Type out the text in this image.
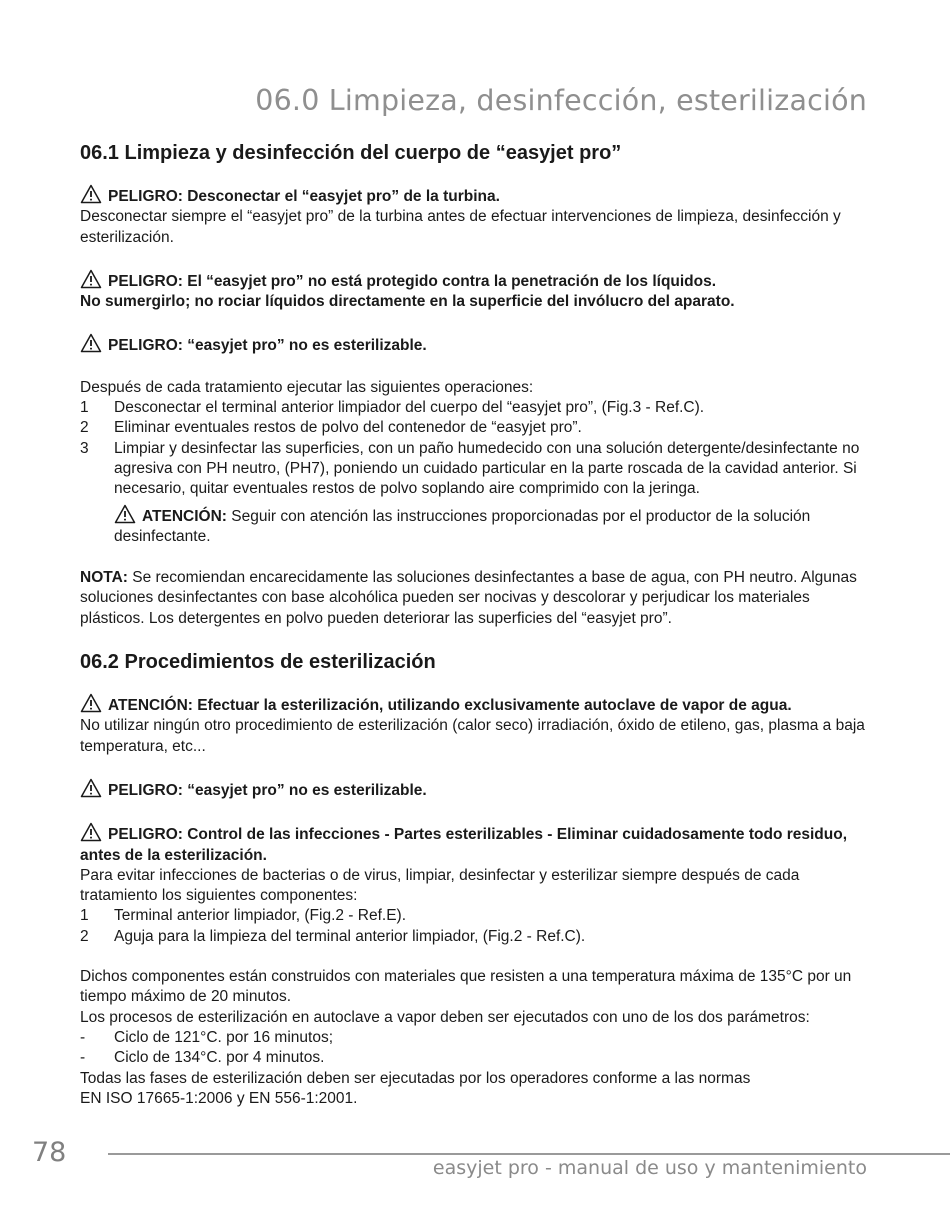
06.0 Limpieza, desinfección, esterilización
06.1 Limpieza y desinfección del cuerpo de “easyjet pro”

PELIGRO: Desconectar el “easyjet pro” de la turbina.

Desconectar siempre el “easyjet pro” de la turbina antes de efectuar intervenciones de limpieza, desinfección y esterilización.

PELIGRO: El “easyjet pro” no está protegido contra la penetración de los líquidos.

No sumergirlo; no rociar líquidos directamente en la superficie del invólucro del aparato.

PELIGRO: “easyjet pro” no es esterilizable.

Después de cada tratamiento ejecutar las siguientes operaciones:

1	Desconectar el terminal anterior limpiador del cuerpo del “easyjet pro”, (Fig.3 - Ref.C).
2	Eliminar eventuales restos de polvo del contenedor de “easyjet pro”.
3	Limpiar y desinfectar las superficies, con un paño humedecido con una solución detergente/desinfectante no agresiva con PH neutro, (PH7), poniendo un cuidado particular en la parte roscada de la cavidad anterior. Si necesario, quitar eventuales restos de polvo soplando aire comprimido con la jeringa.

ATENCIÓN: Seguir con atención las instrucciones proporcionadas por el productor de la solución desinfectante.

NOTA: Se recomiendan encarecidamente las soluciones desinfectantes a base de agua, con PH neutro. Algunas soluciones desinfectantes con base alcohólica pueden ser nocivas y descolorar y perjudicar los materiales plásticos. Los detergentes en polvo pueden deteriorar las superficies del “easyjet pro”.

06.2 Procedimientos de esterilización

ATENCIÓN: Efectuar la esterilización, utilizando exclusivamente autoclave de vapor de agua.

No utilizar ningún otro procedimiento de esterilización (calor seco) irradiación, óxido de etileno, gas, plasma a baja temperatura, etc...

PELIGRO: “easyjet pro” no es esterilizable.

PELIGRO: Control de las infecciones - Partes esterilizables - Eliminar cuidadosamente todo residuo, antes de la esterilización.

Para evitar infecciones de bacterias o de virus, limpiar, desinfectar y esterilizar siempre después de cada tratamiento los siguientes componentes:

1	Terminal anterior limpiador, (Fig.2 - Ref.E).
2	Aguja para la limpieza del terminal anterior limpiador, (Fig.2 - Ref.C).

Dichos componentes están construidos con materiales que resisten a una temperatura máxima de 135°C por un tiempo máximo de 20 minutos.

Los procesos de esterilización en autoclave a vapor deben ser ejecutados con uno de los dos parámetros:

-	Ciclo de 121°C. por 16 minutos;
-	Ciclo de 134°C. por 4 minutos.

Todas las fases de esterilización deben ser ejecutadas por los operadores conforme a las normas

EN ISO 17665-1:2006 y EN 556-1:2001.

78	easyjet pro - manual de uso y mantenimiento
